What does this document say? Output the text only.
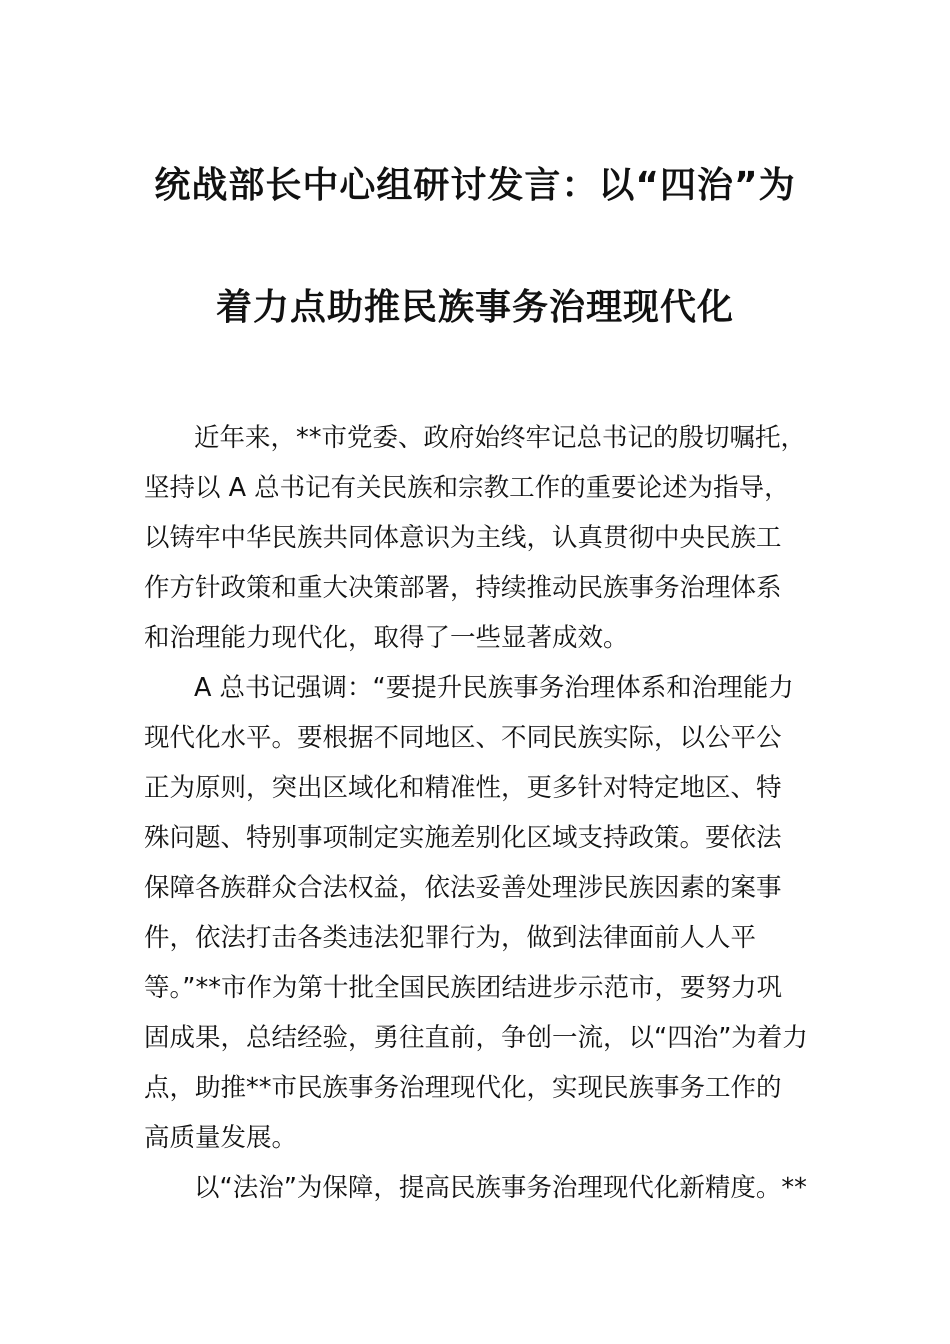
统战部长中心组研讨发言：以“四治”为
着力点助推民族事务治理现代化
近年来，**市党委、政府始终牢记总书记的殷切嘱托，
坚持以 A 总书记有关民族和宗教工作的重要论述为指导，
以铸牢中华民族共同体意识为主线，认真贯彻中央民族工
作方针政策和重大决策部署，持续推动民族事务治理体系
和治理能力现代化，取得了一些显著成效。
A 总书记强调：“要提升民族事务治理体系和治理能力
现代化水平。要根据不同地区、不同民族实际，以公平公
正为原则，突出区域化和精准性，更多针对特定地区、特
殊问题、特别事项制定实施差别化区域支持政策。要依法
保障各族群众合法权益，依法妥善处理涉民族因素的案事
件，依法打击各类违法犯罪行为，做到法律面前人人平
等。”**市作为第十批全国民族团结进步示范市，要努力巩
固成果，总结经验，勇往直前，争创一流，以“四治”为着力
点，助推**市民族事务治理现代化，实现民族事务工作的
高质量发展。
以“法治”为保障，提高民族事务治理现代化新精度。**
